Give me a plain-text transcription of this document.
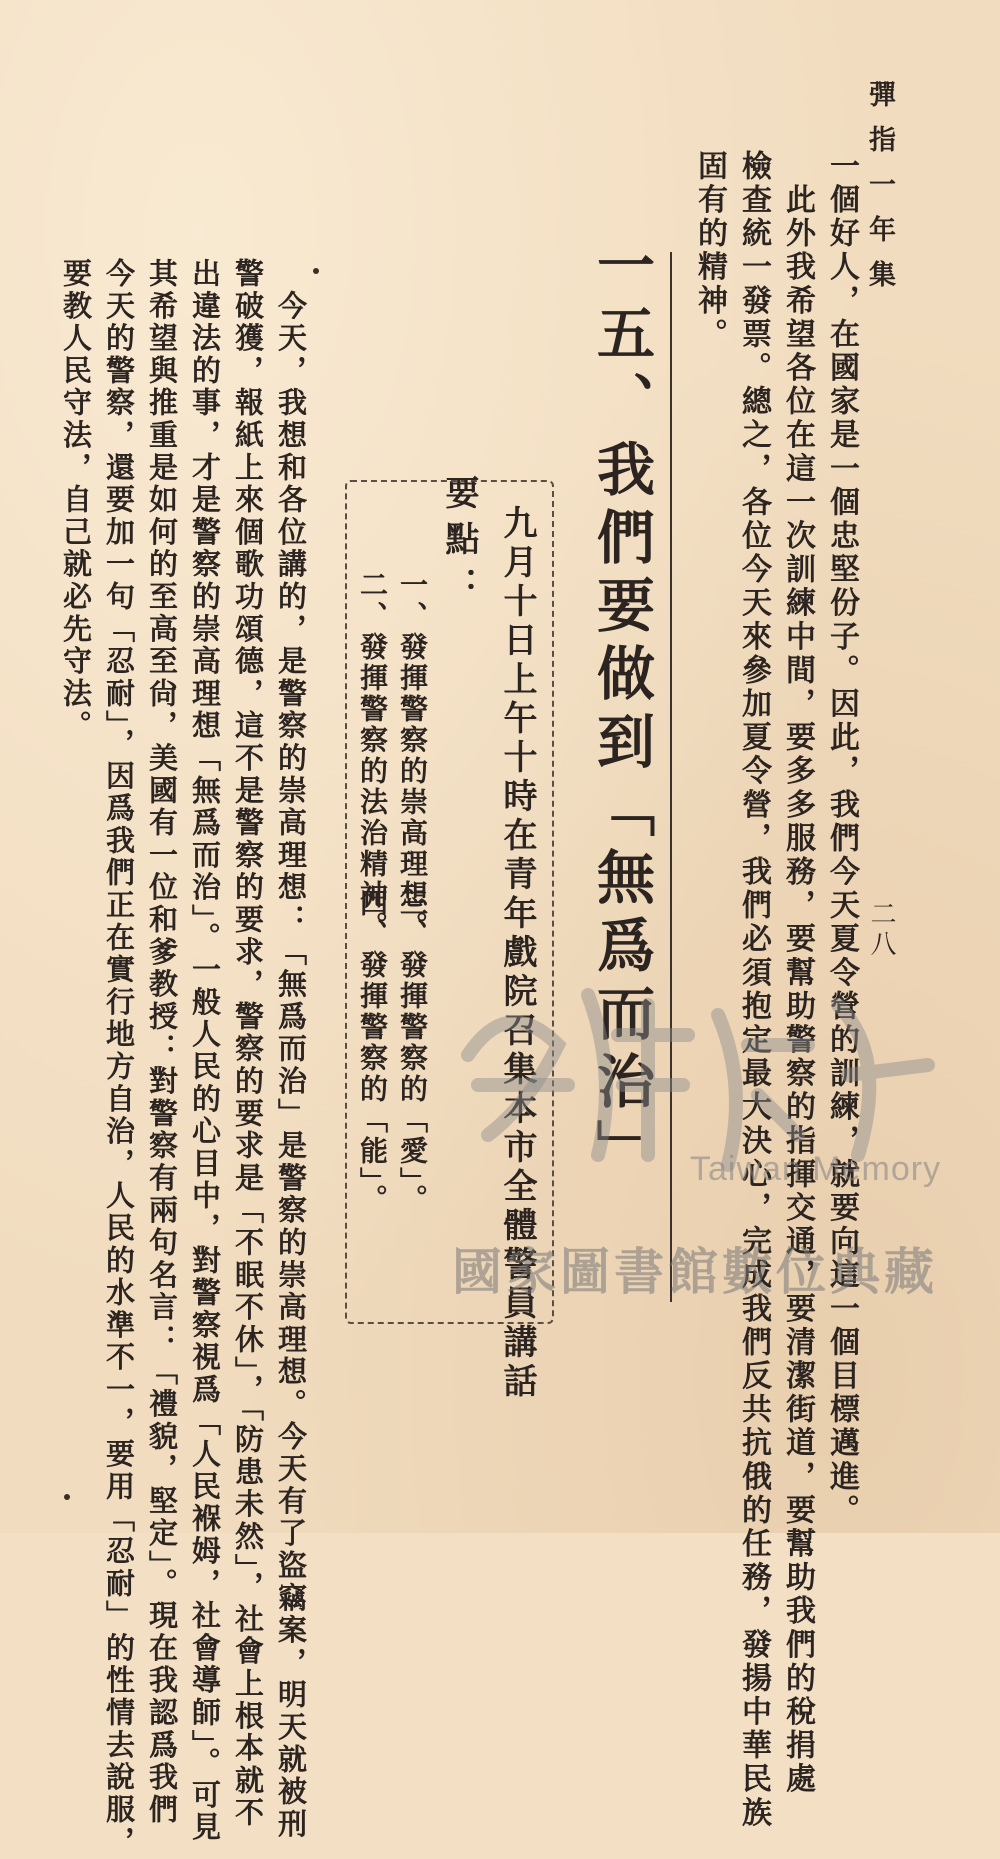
彈指一年集
二八
一個好人，在國家是一個忠堅份子。因此，我們今天夏令營的訓練，就要向這一個目標邁進。
　此外我希望各位在這一次訓練中間，要多多服務，要幫助警察的指揮交通，要清潔街道，要幫助我們的稅捐處
檢查統一發票。總之，各位今天來參加夏令營，我們必須抱定最大決心，完成我們反共抗俄的任務，發揚中華民族
固有的精神。
一五、我們要做到「無爲而治」
九月十日上午十時在青年戲院召集本市全體警員講話
要點：
一、發揮警察的崇高理想。
二、發揮警察的法治精神。
三、發揮警察的「愛」。
四、發揮警察的「能」。
　今天，我想和各位講的，是警察的崇高理想：「無爲而治」是警察的崇高理想。今天有了盜竊案，明天就被刑
警破獲，報紙上來個歌功頌德，這不是警察的要求，警察的要求是「不眠不休」，「防患未然」，社會上根本就不
出違法的事，才是警察的崇高理想「無爲而治」。一般人民的心目中，對警察視爲「人民褓姆，社會導師」。可見
其希望與推重是如何的至高至尙，美國有一位和爹教授：對警察有兩句名言：「禮貌，堅定」。現在我認爲我們
今天的警察，還要加一句「忍耐」，因爲我們正在實行地方自治，人民的水準不一，要用「忍耐」的性情去說服，
要教人民守法，自己就必先守法。
Taiwan Memory
國家圖書館數位典藏
